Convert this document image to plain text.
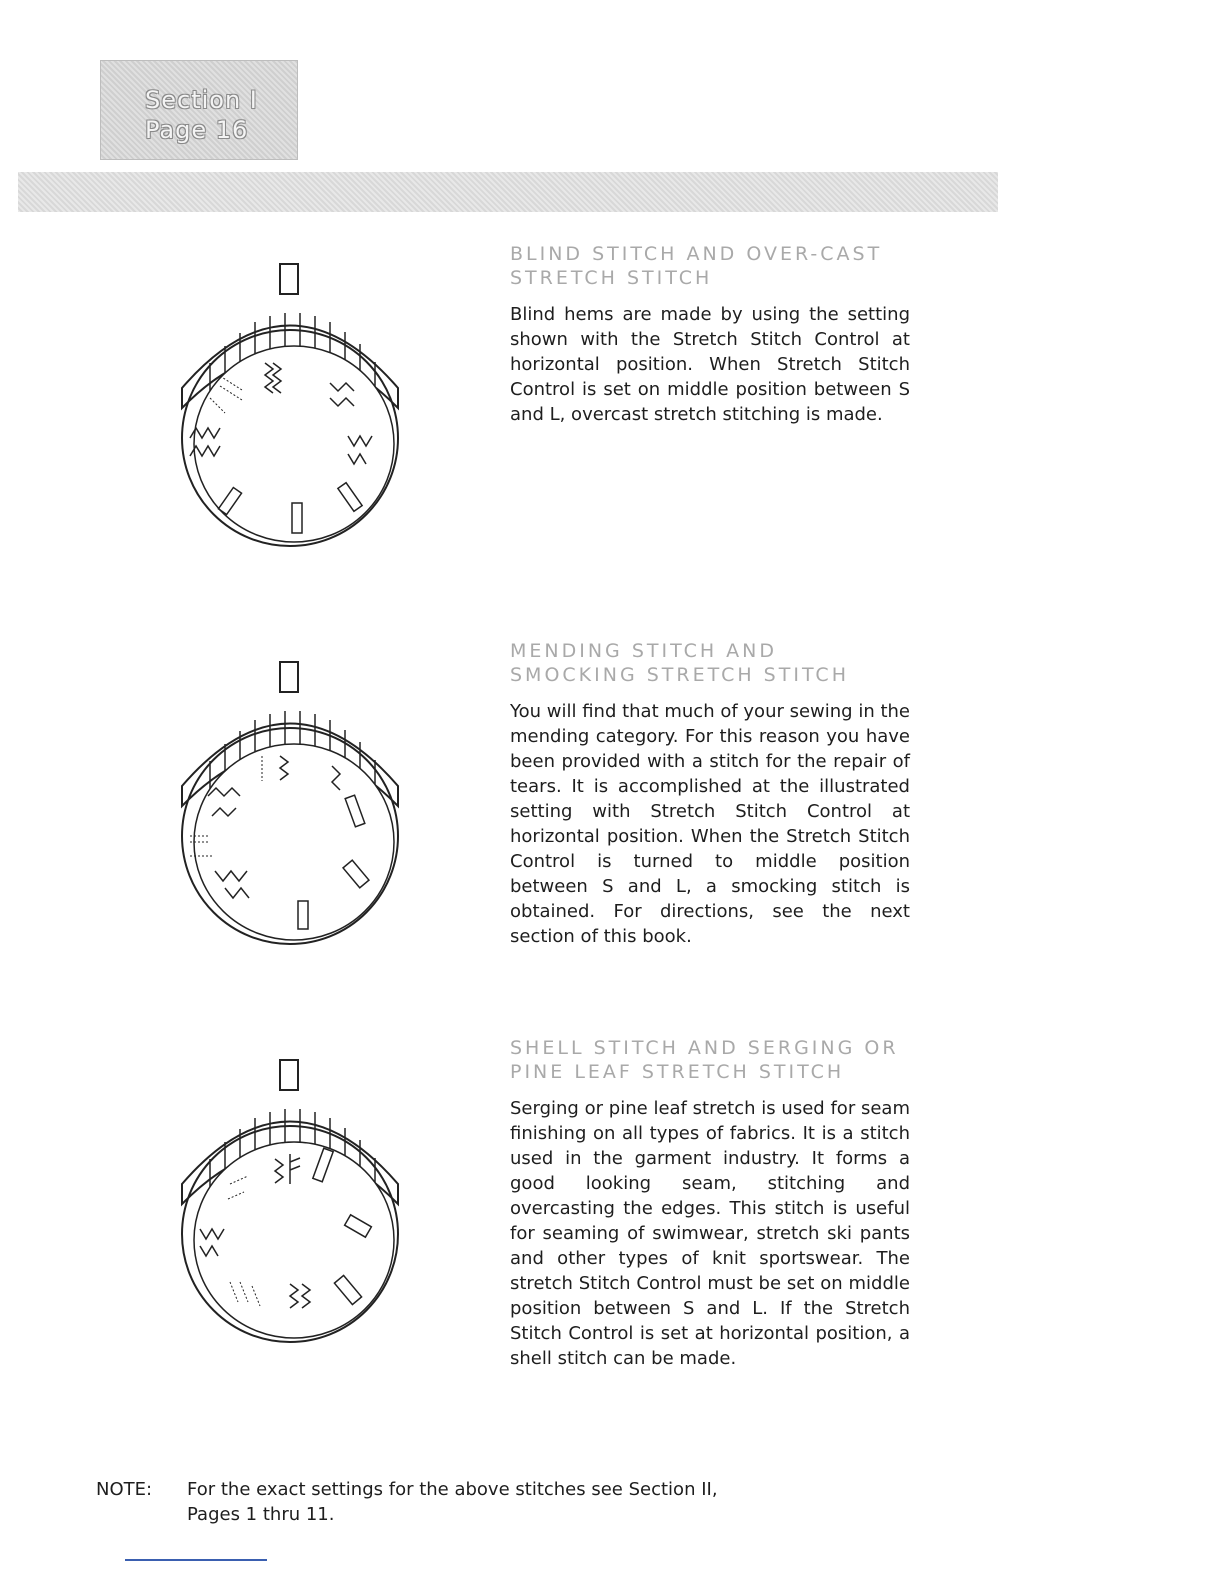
Section I
Page 16
BLIND STITCH AND OVER-CAST STRETCH STITCH

Blind hems are made by using the setting shown with the Stretch Stitch Control at horizontal position. When Stretch Stitch Control is set on middle position between S and L, overcast stretch stitching is made.

MENDING STITCH AND SMOCKING STRETCH STITCH

You will find that much of your sewing in the mending category. For this reason you have been provided with a stitch for the repair of tears. It is accomplished at the illustrated setting with Stretch Stitch Control at horizontal position. When the Stretch Stitch Control is turned to middle position between S and L, a smocking stitch is obtained. For directions, see the next section of this book.

SHELL STITCH AND SERGING OR PINE LEAF STRETCH STITCH

Serging or pine leaf stretch is used for seam finishing on all types of fabrics. It is a stitch used in the garment industry. It forms a good looking seam, stitching and overcasting the edges. This stitch is useful for seaming of swimwear, stretch ski pants and other types of knit sportswear. The stretch Stitch Control must be set on middle position between S and L. If the Stretch Stitch Control is set at horizontal position, a shell stitch can be made.

NOTE: For the exact settings for the above stitches see Section II,
Pages 1 thru 11.
